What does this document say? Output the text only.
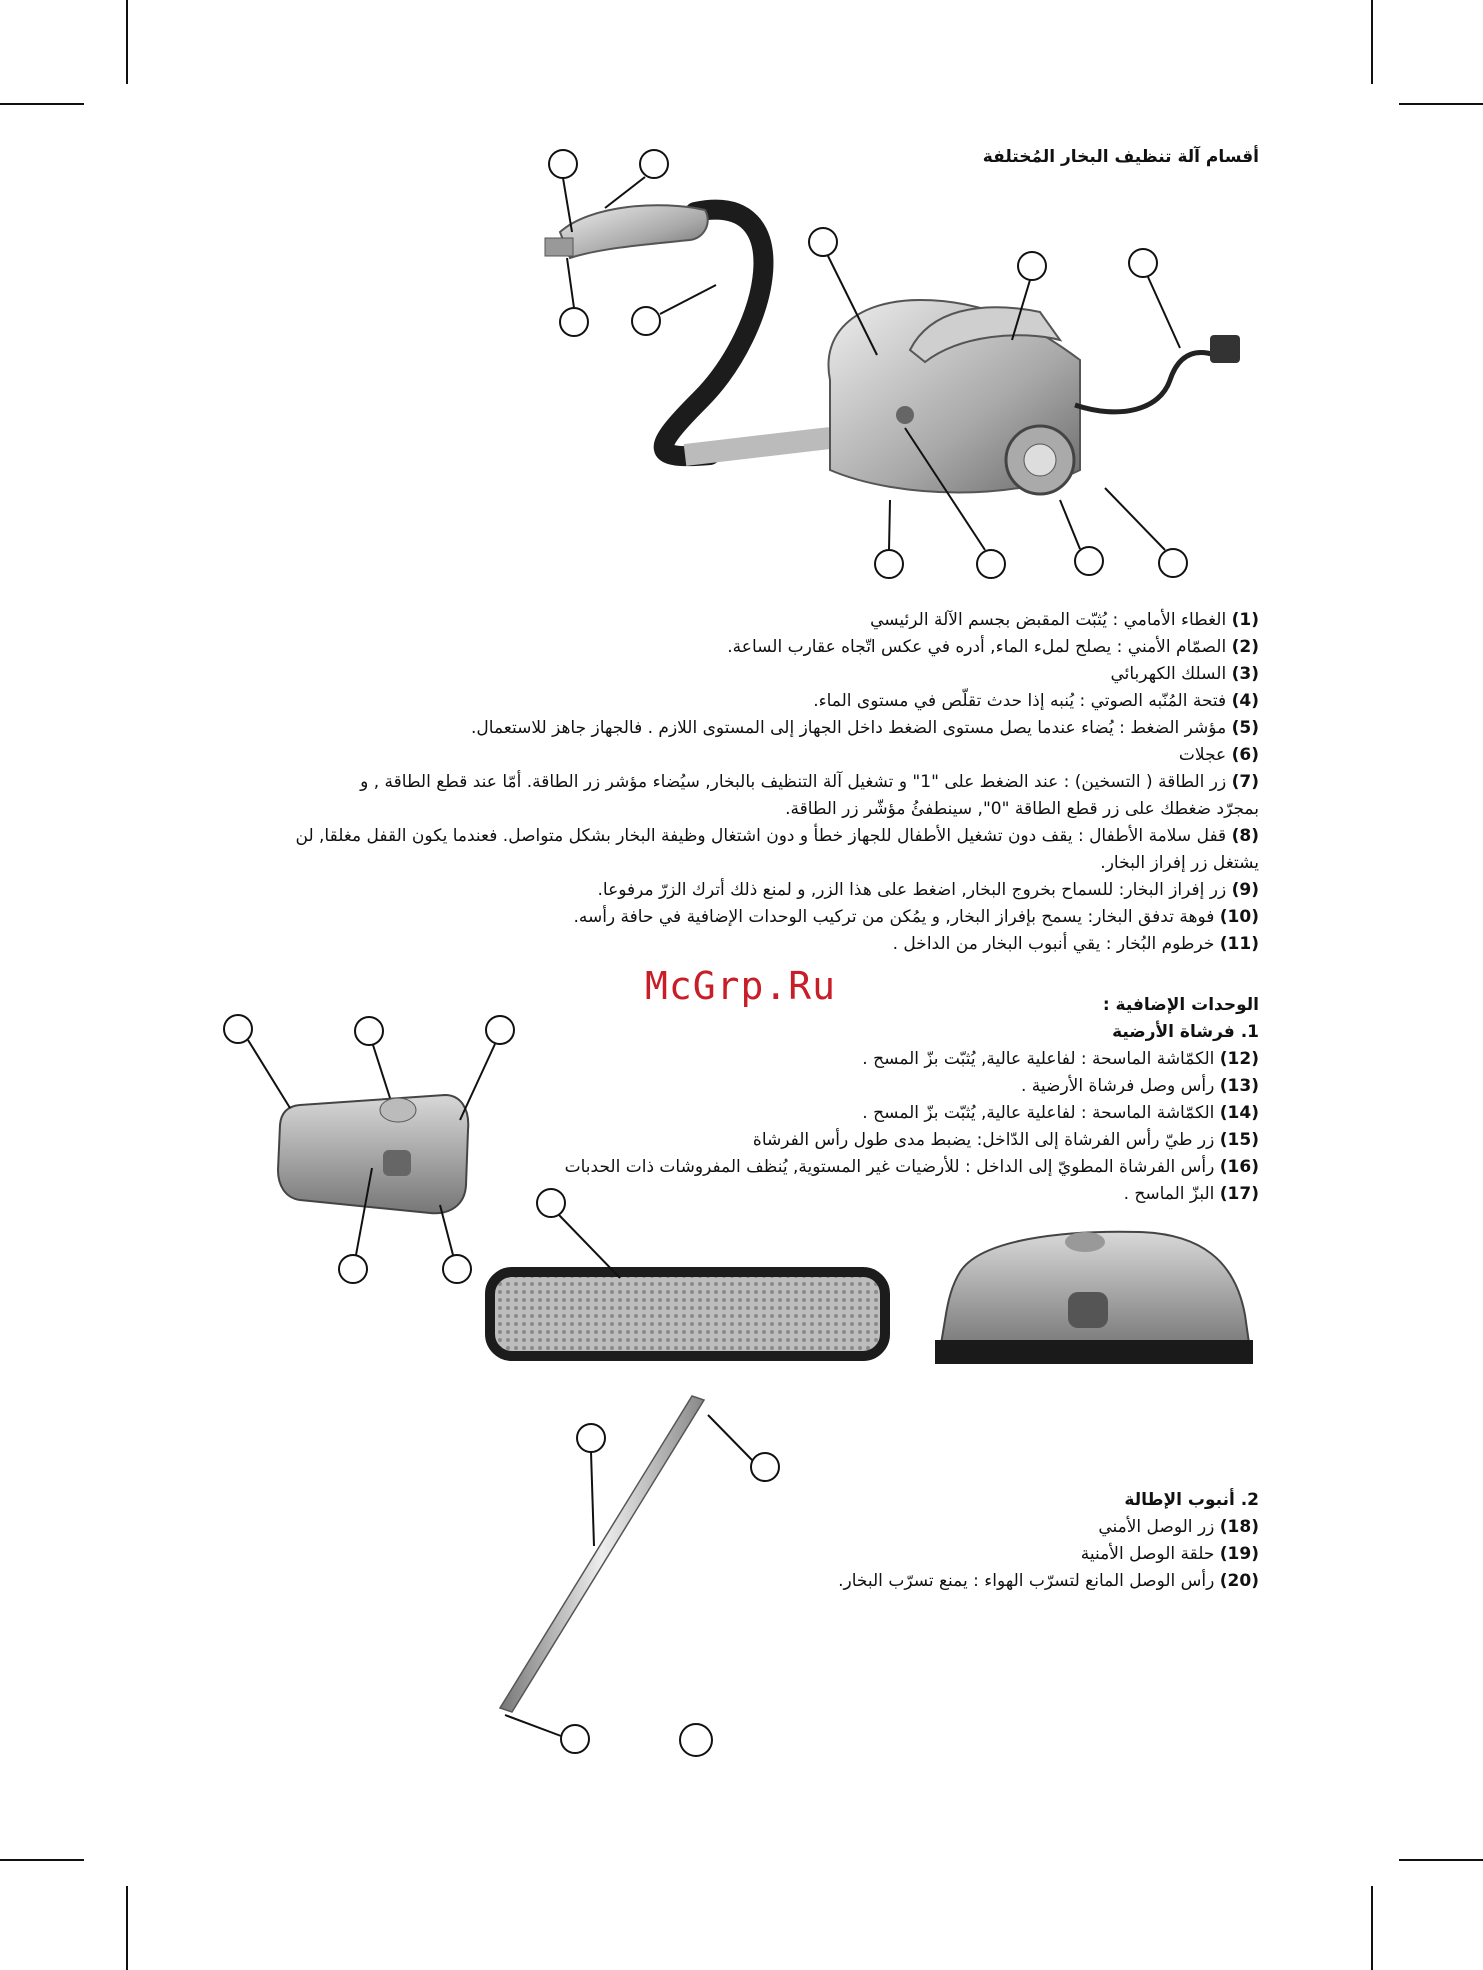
أقسام آلة تنظيف البخار المُختلفة
(1) الغطاء الأمامي : يُثبّت المقبض بجسم الآلة الرئيسي
(2) الصمّام الأمني : يصلح لملء الماء, أدره في عكس اتّجاه عقارب الساعة.
(3) السلك الكهربائي
(4) فتحة المُنّبه الصوتي : يُنبه إذا حدث تقلّص في مستوى الماء.
(5) مؤشر الضغط : يُضاء عندما يصل مستوى الضغط داخل الجهاز إلى المستوى اللازم . فالجهاز جاهز للاستعمال.
(6) عجلات
(7) زر الطاقة ( التسخين) : عند الضغط على "1" و تشغيل آلة التنظيف بالبخار, سيُضاء مؤشر زر الطاقة. أمّا عند قطع الطاقة , و
بمجرّد ضغطك على زر قطع الطاقة "0", سينطفئُ مؤشّر زر الطاقة.
(8) قفل سلامة الأطفال : يقف دون تشغيل الأطفال للجهاز خطأ و دون اشتغال وظيفة البخار بشكل متواصل. فعندما يكون القفل مغلقا, لن
يشتغل زر إفراز البخار.
(9) زر إفراز البخار: للسماح بخروج البخار, اضغط على هذا الزر, و لمنع ذلك أترك الزرّ مرفوعا.
(10) فوهة تدفق البخار: يسمح بإفراز البخار, و يمُكن من تركيب الوحدات الإضافية في حافة رأسه.
(11) خرطوم البُخار : يقي أنبوب البخار من الداخل .
McGrp.Ru	الوحدات الإضافية :
1. فرشاة الأرضية
(12) الكمّاشة الماسحة : لفاعلية عالية, يُثبّت بزّ المسح .
(13) رأس وصل فرشاة الأرضية .
(14) الكمّاشة الماسحة : لفاعلية عالية, يُثبّت بزّ المسح .
(15) زر طيّ رأس الفرشاة إلى الدّاخل: يضبط مدى طول رأس الفرشاة
(16) رأس الفرشاة المطويّ إلى الداخل : للأرضيات غير المستوية, يُنظف المفروشات ذات الحدبات
(17) البزّ الماسح .
2. أنبوب الإطالة
(18) زر الوصل الأمني
(19) حلقة الوصل الأمنية
(20) رأس الوصل المانع لتسرّب الهواء : يمنع تسرّب البخار.
